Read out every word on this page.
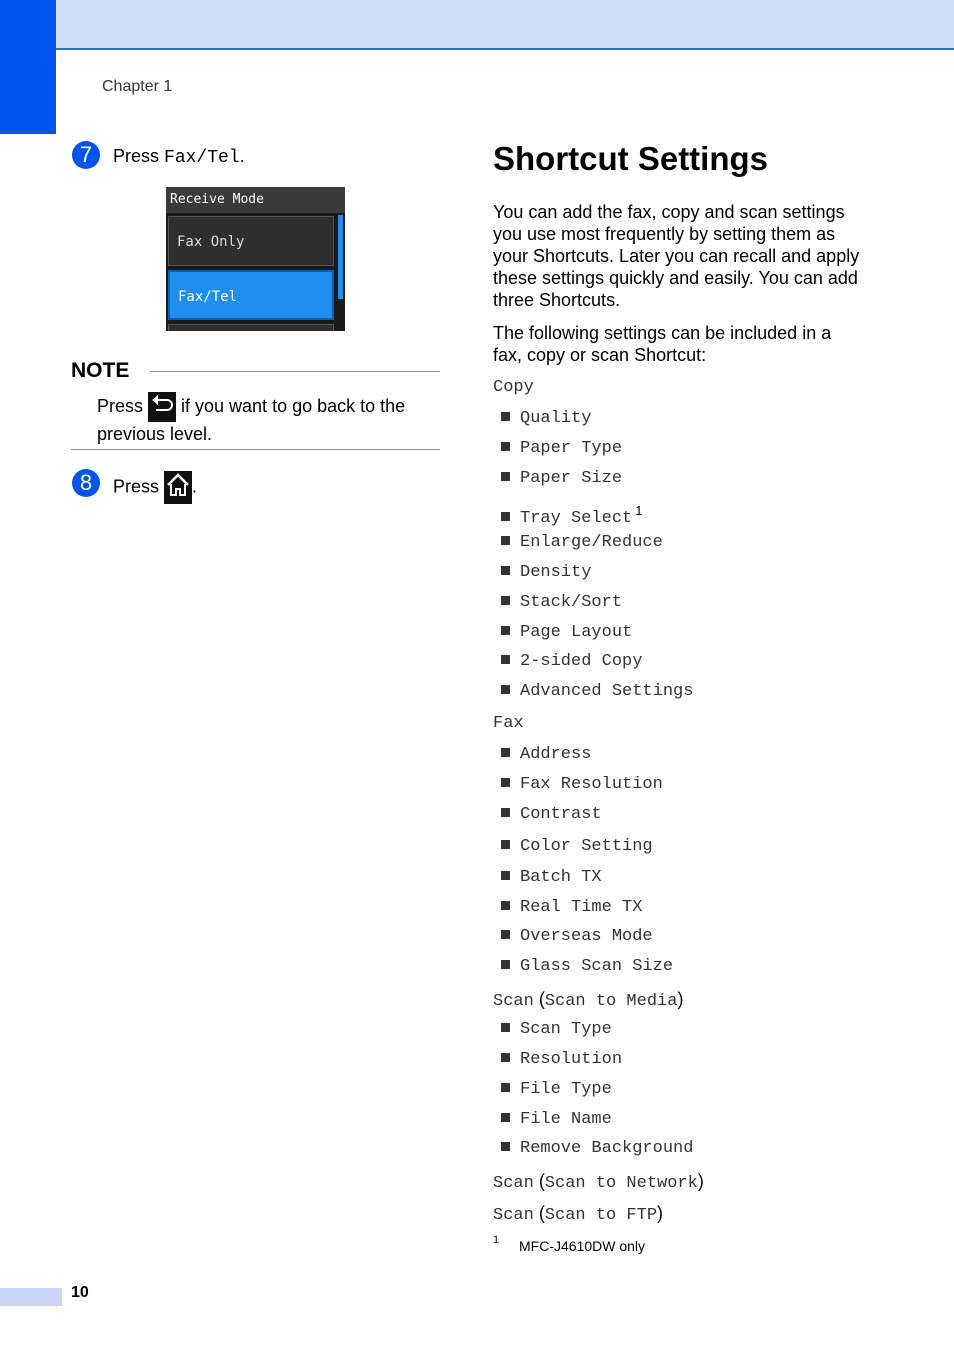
Chapter 1
7	Press Fax/Tel.
Receive Mode
Fax Only
Fax/Tel
NOTE
Press  if you want to go back to the previous level.
8	Press .
Shortcut Settings
You can add the fax, copy and scan settings you use most frequently by setting them as your Shortcuts. Later you can recall and apply these settings quickly and easily. You can add three Shortcuts.
The following settings can be included in a fax, copy or scan Shortcut:
Copy
Quality
Paper Type
Paper Size
Tray Select $^1$
Enlarge/Reduce
Density
Stack/Sort
Page Layout
2-sided Copy
Advanced Settings
Fax
Address
Fax Resolution
Contrast
Color Setting
Batch TX
Real Time TX
Overseas Mode
Glass Scan Size
Scan (Scan to Media)
Scan Type
Resolution
File Type
File Name
Remove Background
Scan (Scan to Network)
Scan (Scan to FTP)
1 MFC-J4610DW only
10
